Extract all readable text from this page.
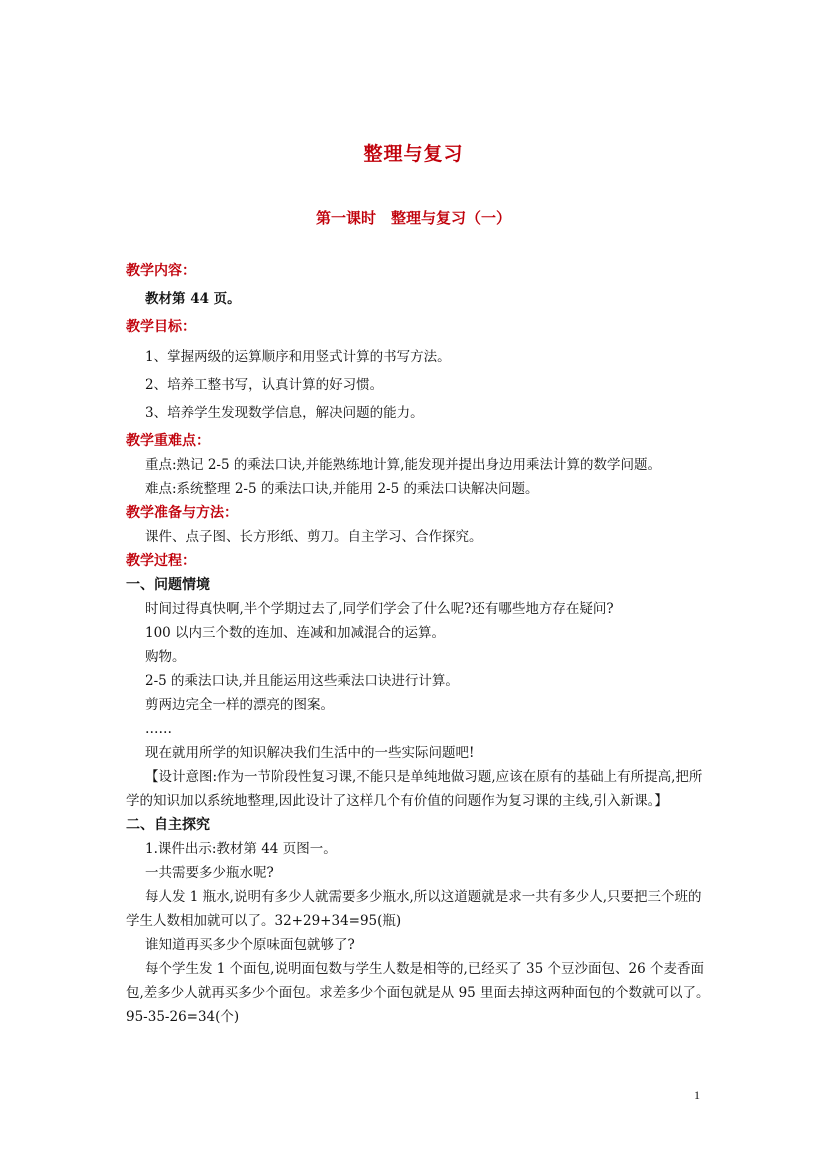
整理与复习
第一课时　整理与复习（一）

教学内容：

教材第 44 页。

教学目标：

1、掌握两级的运算顺序和用竖式计算的书写方法。

2、培养工整书写，认真计算的好习惯。

3、培养学生发现数学信息，解决问题的能力。

教学重难点：

重点:熟记 2-5 的乘法口诀,并能熟练地计算,能发现并提出身边用乘法计算的数学问题。

难点:系统整理 2-5 的乘法口诀,并能用 2-5 的乘法口诀解决问题。

教学准备与方法：

课件、点子图、长方形纸、剪刀。自主学习、合作探究。

教学过程：

一、问题情境

时间过得真快啊,半个学期过去了,同学们学会了什么呢?还有哪些地方存在疑问?

100 以内三个数的连加、连减和加减混合的运算。

购物。

2-5 的乘法口诀,并且能运用这些乘法口诀进行计算。

剪两边完全一样的漂亮的图案。

……

现在就用所学的知识解决我们生活中的一些实际问题吧!

【设计意图:作为一节阶段性复习课,不能只是单纯地做习题,应该在原有的基础上有所提高,把所学的知识加以系统地整理,因此设计了这样几个有价值的问题作为复习课的主线,引入新课。】

二、自主探究

1.课件出示:教材第 44 页图一。

一共需要多少瓶水呢?

每人发 1 瓶水,说明有多少人就需要多少瓶水,所以这道题就是求一共有多少人,只要把三个班的学生人数相加就可以了。32+29+34=95(瓶)

谁知道再买多少个原味面包就够了?

每个学生发 1 个面包,说明面包数与学生人数是相等的,已经买了 35 个豆沙面包、26 个麦香面包,差多少人就再买多少个面包。求差多少个面包就是从 95 里面去掉这两种面包的个数就可以了。95-35-26=34(个)

1
